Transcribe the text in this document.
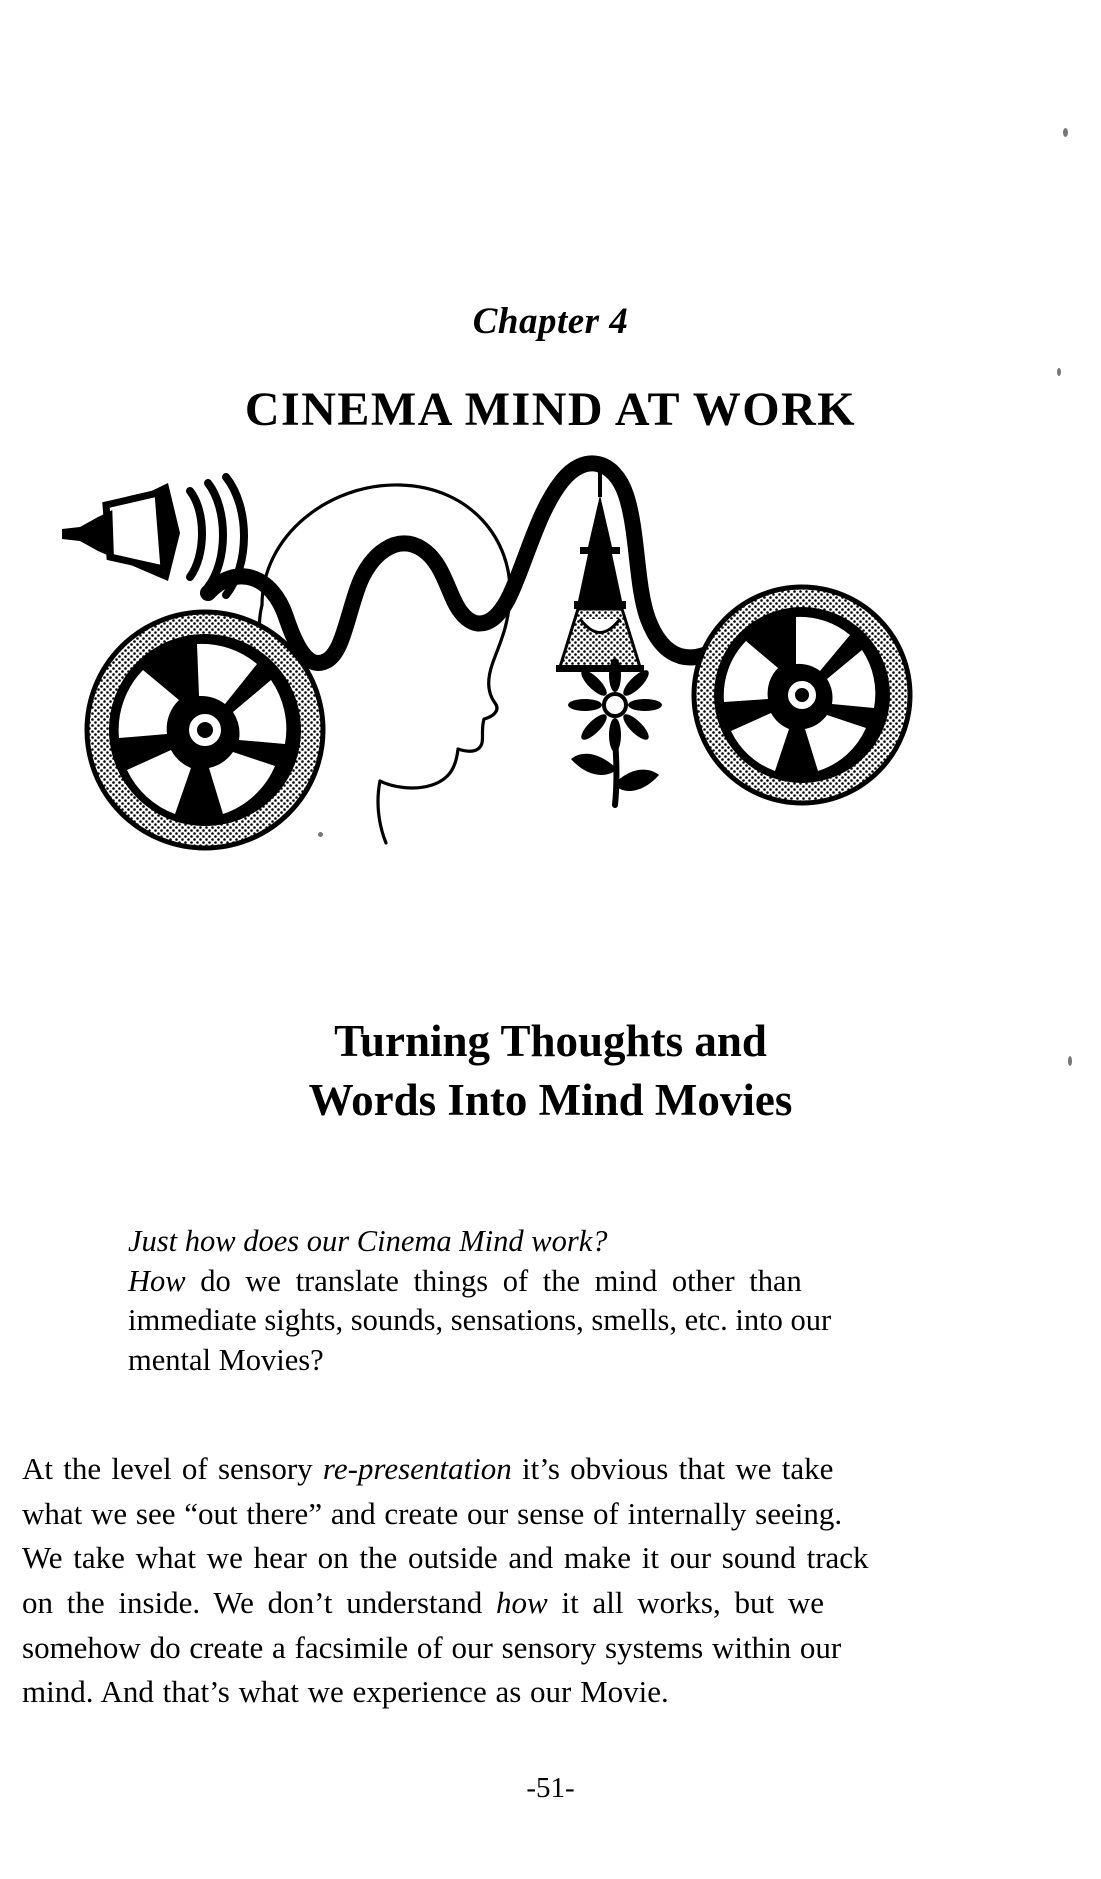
Chapter 4
CINEMA MIND AT WORK
Turning Thoughts and
Words Into Mind Movies
Just how does our Cinema Mind work?
How do we translate things of the mind other than
immediate sights, sounds, sensations, smells, etc. into our
mental Movies?
At the level of sensory re-presentation it’s obvious that we take
what we see “out there” and create our sense of internally seeing.
We take what we hear on the outside and make it our sound track
on the inside. We don’t understand how it all works, but we
somehow do create a facsimile of our sensory systems within our
mind. And that’s what we experience as our Movie.
-51-
